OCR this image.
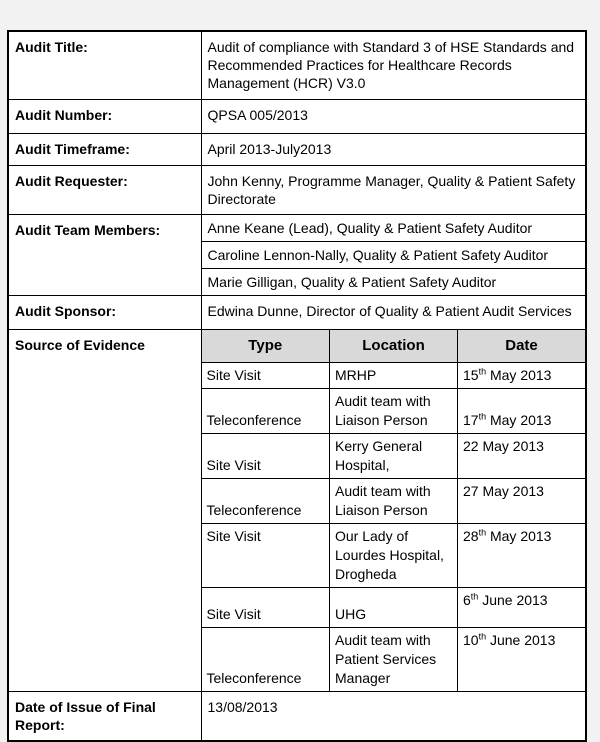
Audit Title:	Audit of compliance with Standard 3 of HSE Standards and Recommended Practices for Healthcare Records Management (HCR) V3.0
Audit Number:	QPSA 005/2013
Audit Timeframe:	April 2013-July2013
Audit Requester:	John Kenny, Programme Manager, Quality & Patient Safety Directorate
Audit Team Members:	Anne Keane (Lead), Quality & Patient Safety Auditor
Caroline Lennon-Nally, Quality & Patient Safety Auditor
Marie Gilligan, Quality & Patient Safety Auditor

Audit Sponsor:	Edwina Dunne, Director of Quality & Patient Audit Services
Source of Evidence		Type	Location	Date
Site Visit	MRHP	15th May 2013
Teleconference	Audit team with Liaison Person	17th May 2013
Site Visit	Kerry General Hospital,	22 May 2013
Teleconference	Audit team with Liaison Person	27 May 2013
Site Visit	Our Lady of Lourdes Hospital, Drogheda	28th May 2013
Site Visit	UHG	6th June 2013
Teleconference	Audit team with Patient Services Manager	10th June 2013

Date of Issue of Final Report:	13/08/2013
